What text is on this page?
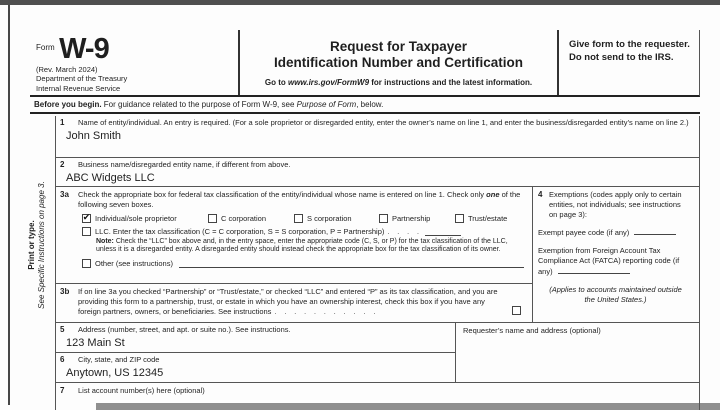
$^{Form}$ W-9
(Rev. March 2024)
Department of the Treasury
Internal Revenue Service
Request for Taxpayer
Identification Number and Certification
Go to www.irs.gov/FormW9 for instructions and the latest information.
Give form to the requester. Do not send to the IRS.
Before you begin. For guidance related to the purpose of Form W-9, see Purpose of Form, below.
Print or type.
See Specific Instructions on page 3.
1	Name of entity/individual. An entry is required. (For a sole proprietor or disregarded entity, enter the owner’s name on line 1, and enter the business/disregarded entity’s name on line 2.)
John Smith
2	Business name/disregarded entity name, if different from above.
ABC Widgets LLC
3a	Check the appropriate box for federal tax classification of the entity/individual whose name is entered on line 1. Check only one of the following seven boxes.
✔ Individual/sole proprietor	C corporation	S corporation	Partnership	Trust/estate
LLC. Enter the tax classification (C = C corporation, S = S corporation, P = Partnership) . . . .
Note: Check the “LLC” box above and, in the entry space, enter the appropriate code (C, S, or P) for the tax classification of the LLC, unless it is a disregarded entity. A disregarded entity should instead check the appropriate box for the tax classification of its owner.
Other (see instructions)
3b	If on line 3a you checked “Partnership” or “Trust/estate,” or checked “LLC” and entered “P” as its tax classification, and you are providing this form to a partnership, trust, or estate in which you have an ownership interest, check this box if you have any foreign partners, owners, or beneficiaries. See instructions . . . . . . . . . . .
4 Exemptions (codes apply only to certain entities, not individuals; see instructions on page 3):
Exempt payee code (if any)
Exemption from Foreign Account Tax Compliance Act (FATCA) reporting code (if any)
(Applies to accounts maintained outside the United States.)
5	Address (number, street, and apt. or suite no.). See instructions.
123 Main St
6	City, state, and ZIP code
Anytown, US 12345
Requester’s name and address (optional)
7	List account number(s) here (optional)
